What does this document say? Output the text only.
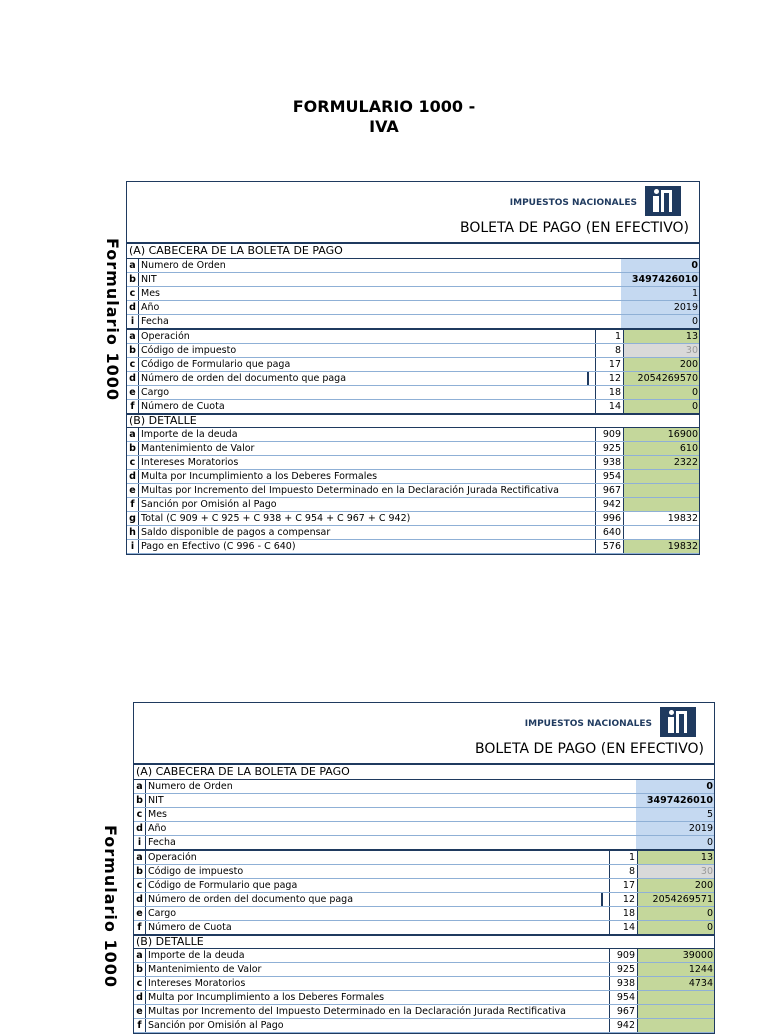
FORMULARIO 1000 -
IVA
Formulario 1000
IMPUESTOS NACIONALES
BOLETA DE PAGO (EN EFECTIVO)
(A) CABECERA DE LA BOLETA DE PAGO
a Numero de Orden	0
b NIT	3497426010
c Mes	1
d Año	2019
i Fecha	0
a Operación	1	13
b Código de impuesto	8	30
c Código de Formulario que paga	17	200
d Número de orden del documento que paga	12	2054269570
e Cargo	18	0
f Número de Cuota	14	0
(B) DETALLE
a Importe de la deuda	909	16900
b Mantenimiento de Valor	925	610
c Intereses Moratorios	938	2322
d Multa por Incumplimiento a los Deberes Formales	954
e Multas por Incremento del Impuesto Determinado en la Declaración Jurada Rectificativa	967
f Sanción por Omisión al Pago	942
g Total (C 909 + C 925 + C 938 + C 954 + C 967 + C 942)	996	19832
h Saldo disponible de pagos a compensar	640
i Pago en Efectivo (C 996 - C 640)	576	19832
Formulario 1000
IMPUESTOS NACIONALES
BOLETA DE PAGO (EN EFECTIVO)
(A) CABECERA DE LA BOLETA DE PAGO
a Numero de Orden	0
b NIT	3497426010
c Mes	5
d Año	2019
i Fecha	0
a Operación	1	13
b Código de impuesto	8	30
c Código de Formulario que paga	17	200
d Número de orden del documento que paga	12	2054269571
e Cargo	18	0
f Número de Cuota	14	0
(B) DETALLE
a Importe de la deuda	909	39000
b Mantenimiento de Valor	925	1244
c Intereses Moratorios	938	4734
d Multa por Incumplimiento a los Deberes Formales	954
e Multas por Incremento del Impuesto Determinado en la Declaración Jurada Rectificativa	967
f Sanción por Omisión al Pago	942
